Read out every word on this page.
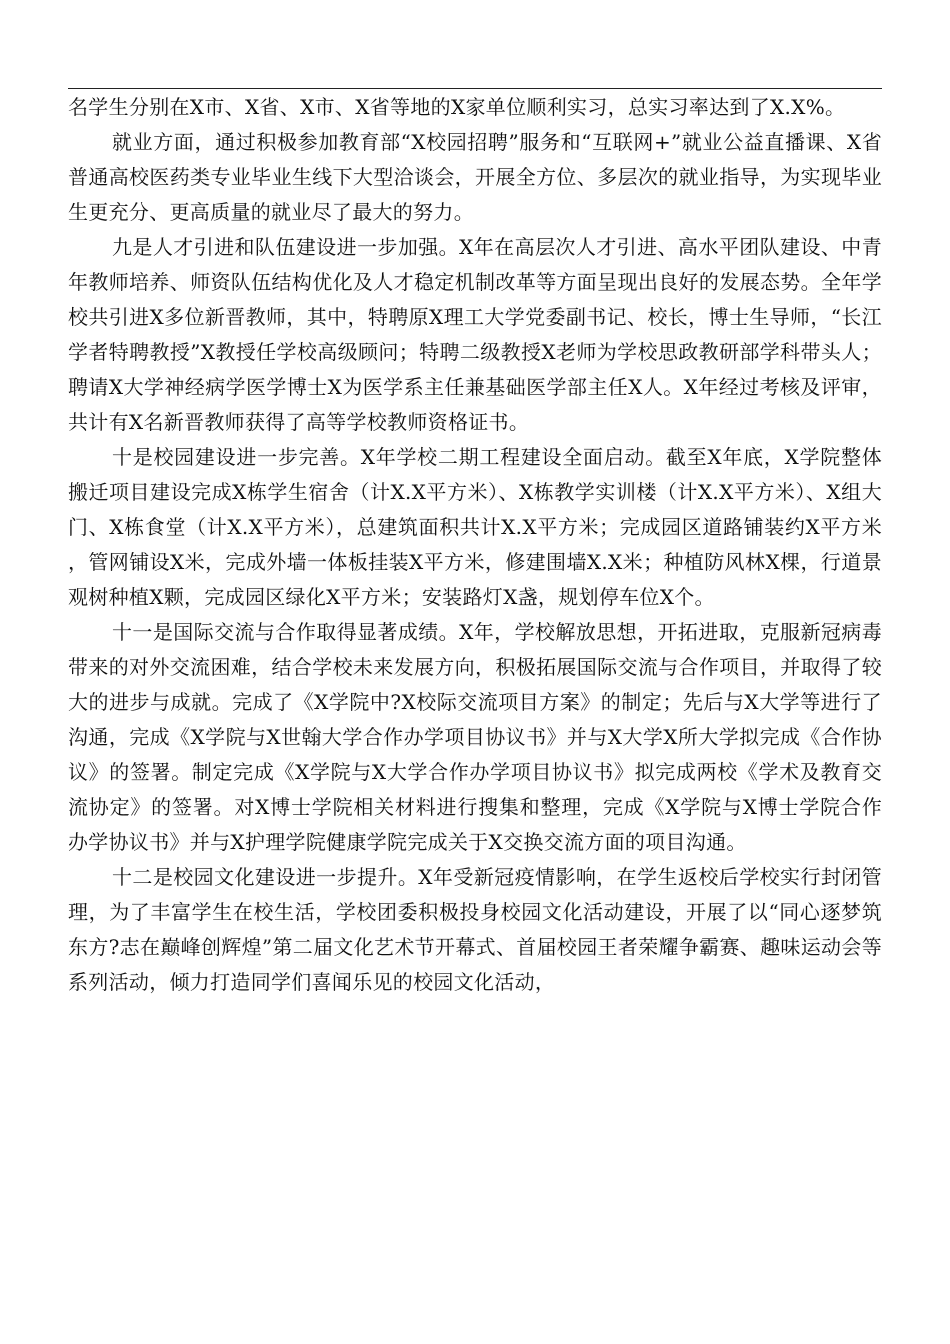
名学生分别在X市、X省、X市、X省等地的X家单位顺利实习，总实习率达到了X.X%。

就业方面，通过积极参加教育部“X校园招聘”服务和“互联网+”就业公益直播课、X省普通高校医药类专业毕业生线下大型洽谈会，开展全方位、多层次的就业指导，为实现毕业生更充分、更高质量的就业尽了最大的努力。

九是人才引进和队伍建设进一步加强。X年在高层次人才引进、高水平团队建设、中青年教师培养、师资队伍结构优化及人才稳定机制改革等方面呈现出良好的发展态势。全年学校共引进X多位新晋教师，其中，特聘原X理工大学党委副书记、校长，博士生导师，“长江学者特聘教授”X教授任学校高级顾问；特聘二级教授X老师为学校思政教研部学科带头人；聘请X大学神经病学医学博士X为医学系主任兼基础医学部主任X人。X年经过考核及评审，共计有X名新晋教师获得了高等学校教师资格证书。

十是校园建设进一步完善。X年学校二期工程建设全面启动。截至X年底，X学院整体搬迁项目建设完成X栋学生宿舍（计X.X平方米）、X栋教学实训楼（计X.X平方米）、X组大门、X栋食堂（计X.X平方米），总建筑面积共计X.X平方米；完成园区道路铺装约X平方米，管网铺设X米，完成外墙一体板挂装X平方米，修建围墙X.X米；种植防风林X棵，行道景观树种植X颗，完成园区绿化X平方米；安装路灯X盏，规划停车位X个。

十一是国际交流与合作取得显著成绩。X年，学校解放思想，开拓进取，克服新冠病毒带来的对外交流困难，结合学校未来发展方向，积极拓展国际交流与合作项目，并取得了较大的进步与成就。完成了《X学院中?X校际交流项目方案》的制定；先后与X大学等进行了沟通，完成《X学院与X世翰大学合作办学项目协议书》并与X大学X所大学拟完成《合作协议》的签署。制定完成《X学院与X大学合作办学项目协议书》拟完成两校《学术及教育交流协定》的签署。对X博士学院相关材料进行搜集和整理，完成《X学院与X博士学院合作办学协议书》并与X护理学院健康学院完成关于X交换交流方面的项目沟通。

十二是校园文化建设进一步提升。X年受新冠疫情影响，在学生返校后学校实行封闭管理，为了丰富学生在校生活，学校团委积极投身校园文化活动建设，开展了以“同心逐梦筑东方?志在巅峰创辉煌”第二届文化艺术节开幕式、首届校园王者荣耀争霸赛、趣味运动会等系列活动，倾力打造同学们喜闻乐见的校园文化活动，
